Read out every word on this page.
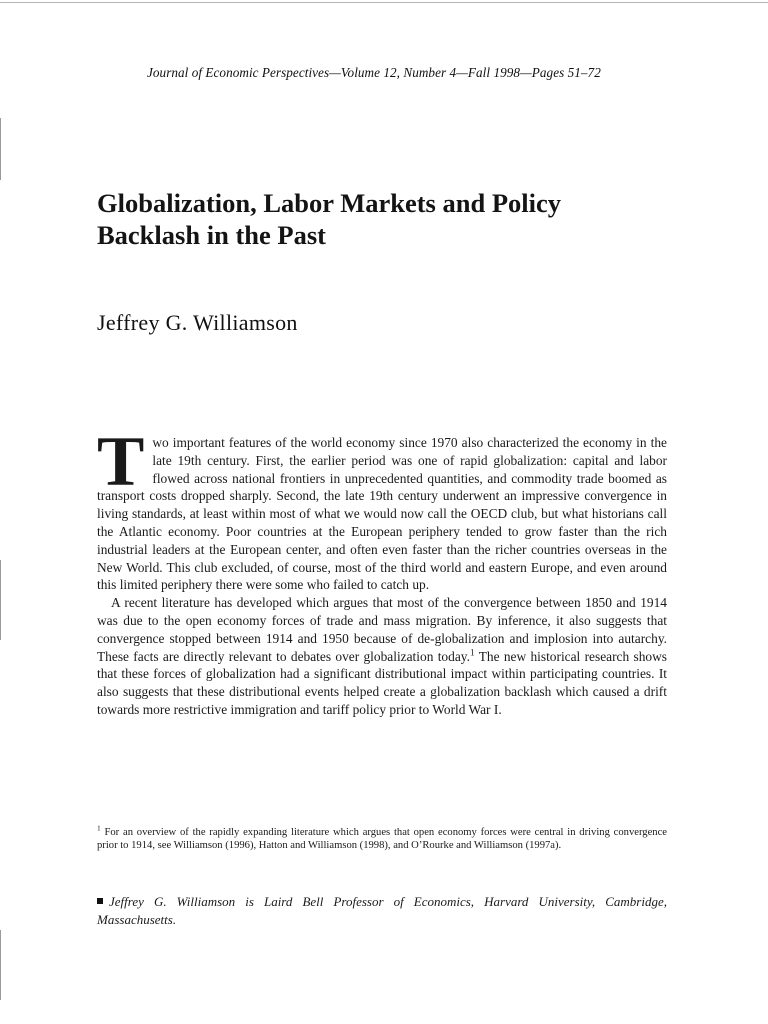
Journal of Economic Perspectives—Volume 12, Number 4—Fall 1998—Pages 51–72
Globalization, Labor Markets and Policy
Backlash in the Past
Jeffrey G. Williamson

Two important features of the world economy since 1970 also characterized the economy in the late 19th century. First, the earlier period was one of rapid globalization: capital and labor flowed across national frontiers in unprecedented quantities, and commodity trade boomed as transport costs dropped sharply. Second, the late 19th century underwent an impressive convergence in living standards, at least within most of what we would now call the OECD club, but what historians call the Atlantic economy. Poor countries at the European periphery tended to grow faster than the rich industrial leaders at the European center, and often even faster than the richer countries overseas in the New World. This club excluded, of course, most of the third world and eastern Europe, and even around this limited periphery there were some who failed to catch up.

A recent literature has developed which argues that most of the convergence between 1850 and 1914 was due to the open economy forces of trade and mass migration. By inference, it also suggests that convergence stopped between 1914 and 1950 because of de-globalization and implosion into autarchy. These facts are directly relevant to debates over globalization today.$^1$ The new historical research shows that these forces of globalization had a significant distributional impact within participating countries. It also suggests that these distributional events helped create a globalization backlash which caused a drift towards more restrictive immigration and tariff policy prior to World War I.

$^1$ For an overview of the rapidly expanding literature which argues that open economy forces were central in driving convergence prior to 1914, see Williamson (1996), Hatton and Williamson (1998), and O’Rourke and Williamson (1997a).
Jeffrey G. Williamson is Laird Bell Professor of Economics, Harvard University, Cambridge, Massachusetts.
